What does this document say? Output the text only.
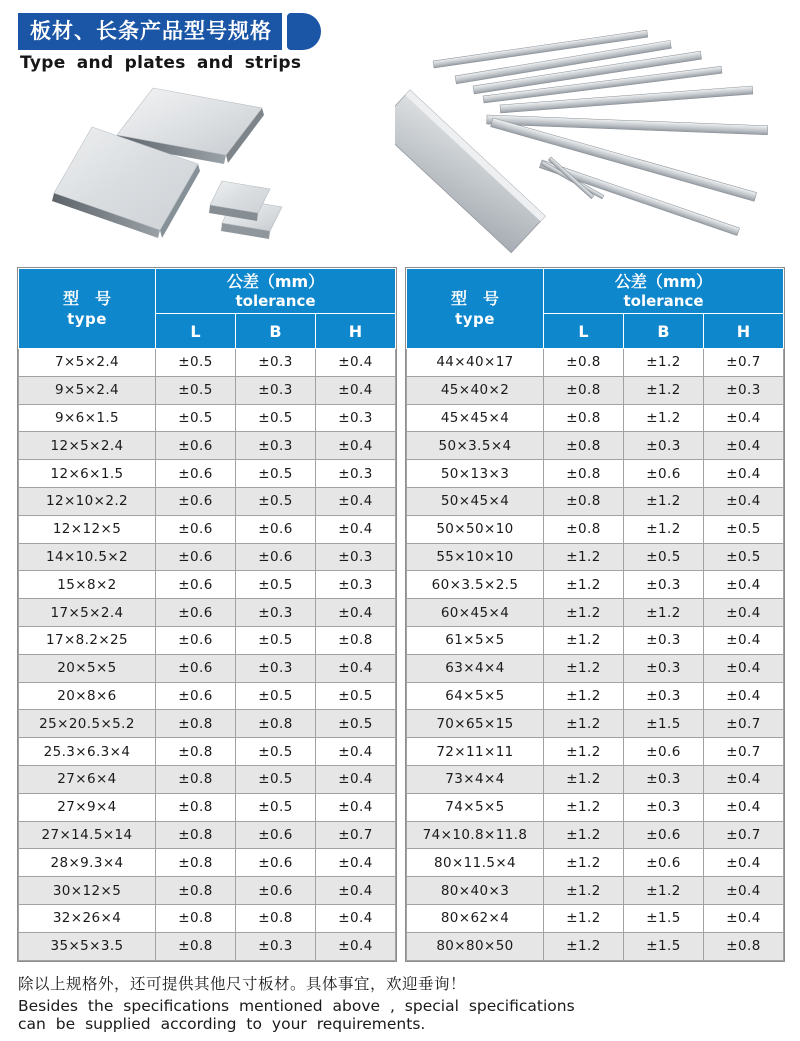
板材、长条产品型号规格
Type and plates and strips
型　号
type

公差（mm）
tolerance

	L	B	H
7×5×2.4	±0.5	±0.3	±0.4
9×5×2.4	±0.5	±0.3	±0.4
9×6×1.5	±0.5	±0.5	±0.3
12×5×2.4	±0.6	±0.3	±0.4
12×6×1.5	±0.6	±0.5	±0.3
12×10×2.2	±0.6	±0.5	±0.4
12×12×5	±0.6	±0.6	±0.4
14×10.5×2	±0.6	±0.6	±0.3
15×8×2	±0.6	±0.5	±0.3
17×5×2.4	±0.6	±0.3	±0.4
17×8.2×25	±0.6	±0.5	±0.8
20×5×5	±0.6	±0.3	±0.4
20×8×6	±0.6	±0.5	±0.5
25×20.5×5.2	±0.8	±0.8	±0.5
25.3×6.3×4	±0.8	±0.5	±0.4
27×6×4	±0.8	±0.5	±0.4
27×9×4	±0.8	±0.5	±0.4
27×14.5×14	±0.8	±0.6	±0.7
28×9.3×4	±0.8	±0.6	±0.4
30×12×5	±0.8	±0.6	±0.4
32×26×4	±0.8	±0.8	±0.4
35×5×3.5	±0.8	±0.3	±0.4
型　号
type

公差（mm）
tolerance

	L	B	H
44×40×17	±0.8	±1.2	±0.7
45×40×2	±0.8	±1.2	±0.3
45×45×4	±0.8	±1.2	±0.4
50×3.5×4	±0.8	±0.3	±0.4
50×13×3	±0.8	±0.6	±0.4
50×45×4	±0.8	±1.2	±0.4
50×50×10	±0.8	±1.2	±0.5
55×10×10	±1.2	±0.5	±0.5
60×3.5×2.5	±1.2	±0.3	±0.4
60×45×4	±1.2	±1.2	±0.4
61×5×5	±1.2	±0.3	±0.4
63×4×4	±1.2	±0.3	±0.4
64×5×5	±1.2	±0.3	±0.4
70×65×15	±1.2	±1.5	±0.7
72×11×11	±1.2	±0.6	±0.7
73×4×4	±1.2	±0.3	±0.4
74×5×5	±1.2	±0.3	±0.4
74×10.8×11.8	±1.2	±0.6	±0.7
80×11.5×4	±1.2	±0.6	±0.4
80×40×3	±1.2	±1.2	±0.4
80×62×4	±1.2	±1.5	±0.4
80×80×50	±1.2	±1.5	±0.8
除以上规格外，还可提供其他尺寸板材。具体事宜，欢迎垂询！
Besides the specifications mentioned above , special specifications
can be supplied according to your requirements.
